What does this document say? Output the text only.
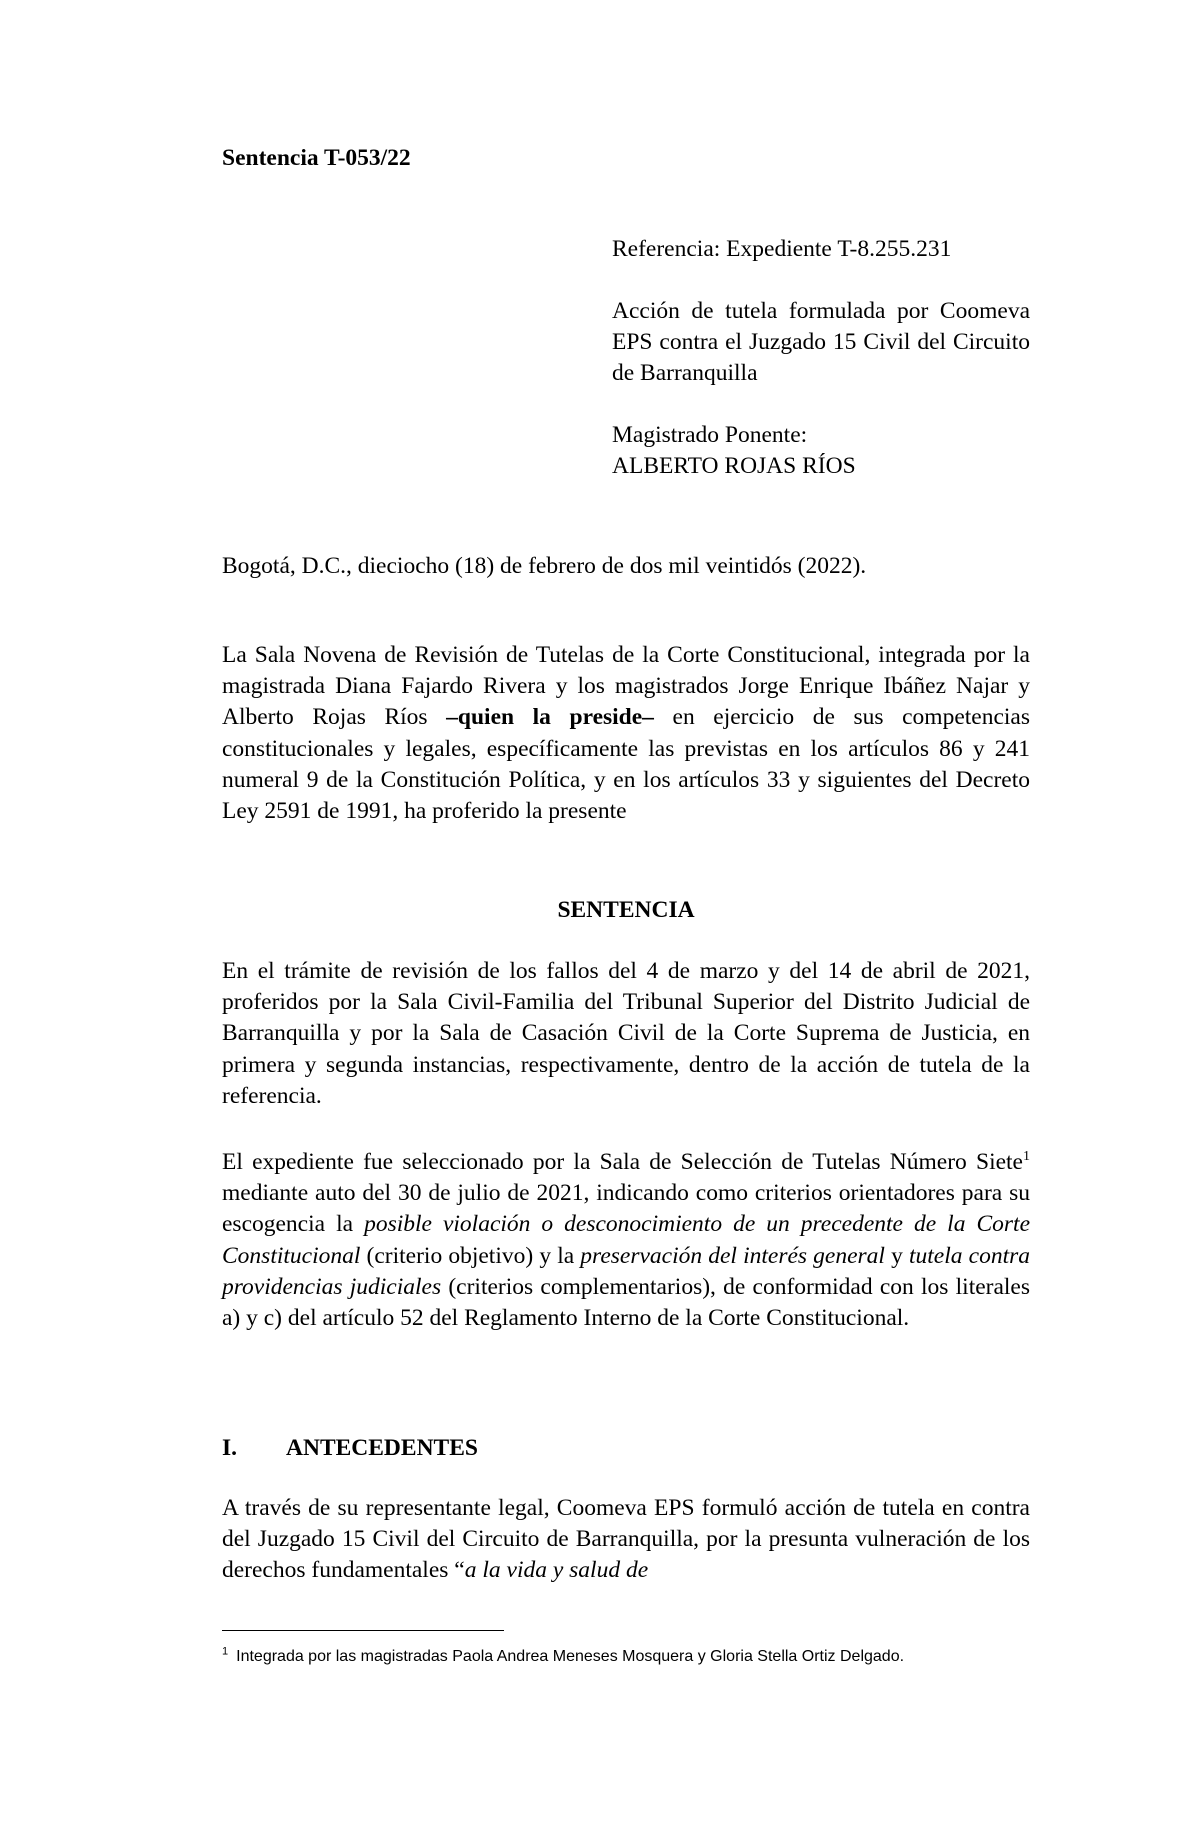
Sentencia T-053/22

Referencia: Expediente T-8.255.231

Acción de tutela formulada por Coomeva EPS contra el Juzgado 15 Civil del Circuito de Barranquilla

Magistrado Ponente:

ALBERTO ROJAS RÍOS

Bogotá, D.C., dieciocho (18) de febrero de dos mil veintidós (2022).

La Sala Novena de Revisión de Tutelas de la Corte Constitucional, integrada por la magistrada Diana Fajardo Rivera y los magistrados Jorge Enrique Ibáñez Najar y Alberto Rojas Ríos –quien la preside– en ejercicio de sus competencias constitucionales y legales, específicamente las previstas en los artículos 86 y 241 numeral 9 de la Constitución Política, y en los artículos 33 y siguientes del Decreto Ley 2591 de 1991, ha proferido la presente

SENTENCIA

En el trámite de revisión de los fallos del 4 de marzo y del 14 de abril de 2021, proferidos por la Sala Civil-Familia del Tribunal Superior del Distrito Judicial de Barranquilla y por la Sala de Casación Civil de la Corte Suprema de Justicia, en primera y segunda instancias, respectivamente, dentro de la acción de tutela de la referencia.

El expediente fue seleccionado por la Sala de Selección de Tutelas Número Siete$^1$ mediante auto del 30 de julio de 2021, indicando como criterios orientadores para su escogencia la posible violación o desconocimiento de un precedente de la Corte Constitucional (criterio objetivo) y la preservación del interés general y tutela contra providencias judiciales (criterios complementarios), de conformidad con los literales a) y c) del artículo 52 del Reglamento Interno de la Corte Constitucional.

I. ANTECEDENTES

A través de su representante legal, Coomeva EPS formuló acción de tutela en contra del Juzgado 15 Civil del Circuito de Barranquilla, por la presunta vulneración de los derechos fundamentales “a la vida y salud de

$^1$ Integrada por las magistradas Paola Andrea Meneses Mosquera y Gloria Stella Ortiz Delgado.
